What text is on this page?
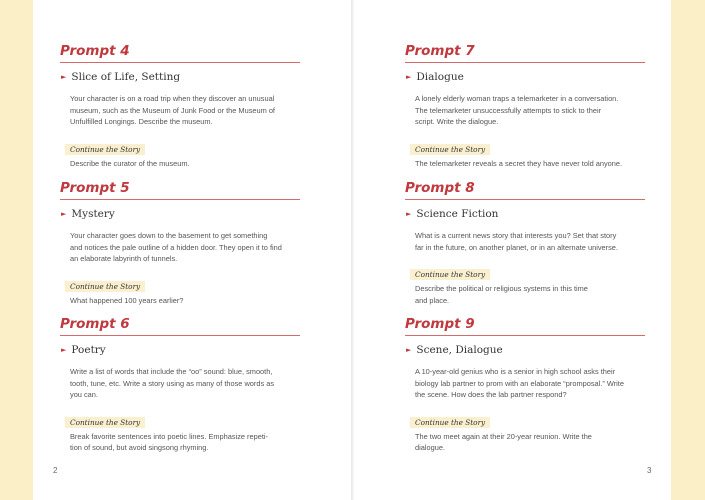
Prompt 4
► Slice of Life, Setting
Your character is on a road trip when they discover an unusual
museum, such as the Museum of Junk Food or the Museum of
Unfulfilled Longings. Describe the museum.
Continue the Story
Describe the curator of the museum.
Prompt 5
► Mystery
Your character goes down to the basement to get something
and notices the pale outline of a hidden door. They open it to find
an elaborate labyrinth of tunnels.
Continue the Story
What happened 100 years earlier?
Prompt 6
► Poetry
Write a list of words that include the “oo” sound: blue, smooth,
tooth, tune, etc. Write a story using as many of those words as
you can.
Continue the Story
Break favorite sentences into poetic lines. Emphasize repeti-
tion of sound, but avoid singsong rhyming.
Prompt 7
► Dialogue
A lonely elderly woman traps a telemarketer in a conversation.
The telemarketer unsuccessfully attempts to stick to their
script. Write the dialogue.
Continue the Story
The telemarketer reveals a secret they have never told anyone.
Prompt 8
► Science Fiction
What is a current news story that interests you? Set that story
far in the future, on another planet, or in an alternate universe.
Continue the Story
Describe the political or religious systems in this time
and place.
Prompt 9
► Scene, Dialogue
A 10-year-old genius who is a senior in high school asks their
biology lab partner to prom with an elaborate “promposal.” Write
the scene. How does the lab partner respond?
Continue the Story
The two meet again at their 20-year reunion. Write the
dialogue.
2	3
